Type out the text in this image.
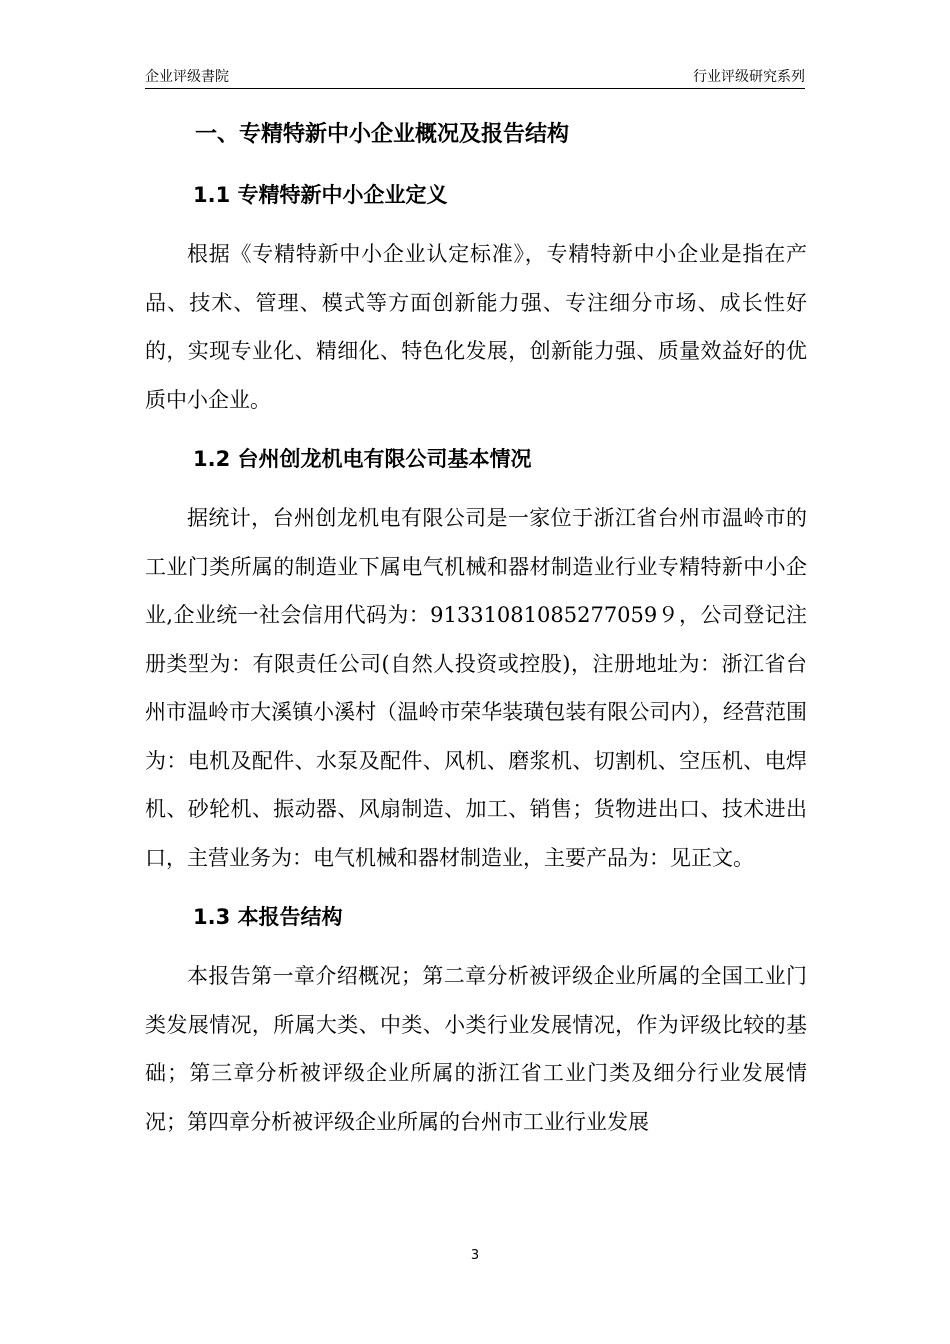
企业评级書院	行业评级研究系列
一、专精特新中小企业概况及报告结构
1.1 专精特新中小企业定义

根据《专精特新中小企业认定标准》，专精特新中小企业是指在产品、技术、管理、模式等方面创新能力强、专注细分市场、成长性好的，实现专业化、精细化、特色化发展，创新能力强、质量效益好的优质中小企业。

1.2 台州创龙机电有限公司基本情况

据统计，台州创龙机电有限公司是一家位于浙江省台州市温岭市的工业门类所属的制造业下属电气机械和器材制造业行业专精特新中小企业,企业统一社会信用代码为：91331081085277059９，公司登记注册类型为：有限责任公司(自然人投资或控股)，注册地址为：浙江省台州市温岭市大溪镇小溪村（温岭市荣华装璜包装有限公司内），经营范围为：电机及配件、水泵及配件、风机、磨浆机、切割机、空压机、电焊机、砂轮机、振动器、风扇制造、加工、销售；货物进出口、技术进出口，主营业务为：电气机械和器材制造业，主要产品为：见正文。

1.3 本报告结构

本报告第一章介绍概况；第二章分析被评级企业所属的全国工业门类发展情况，所属大类、中类、小类行业发展情况，作为评级比较的基础；第三章分析被评级企业所属的浙江省工业门类及细分行业发展情况；第四章分析被评级企业所属的台州市工业行业发展

3
